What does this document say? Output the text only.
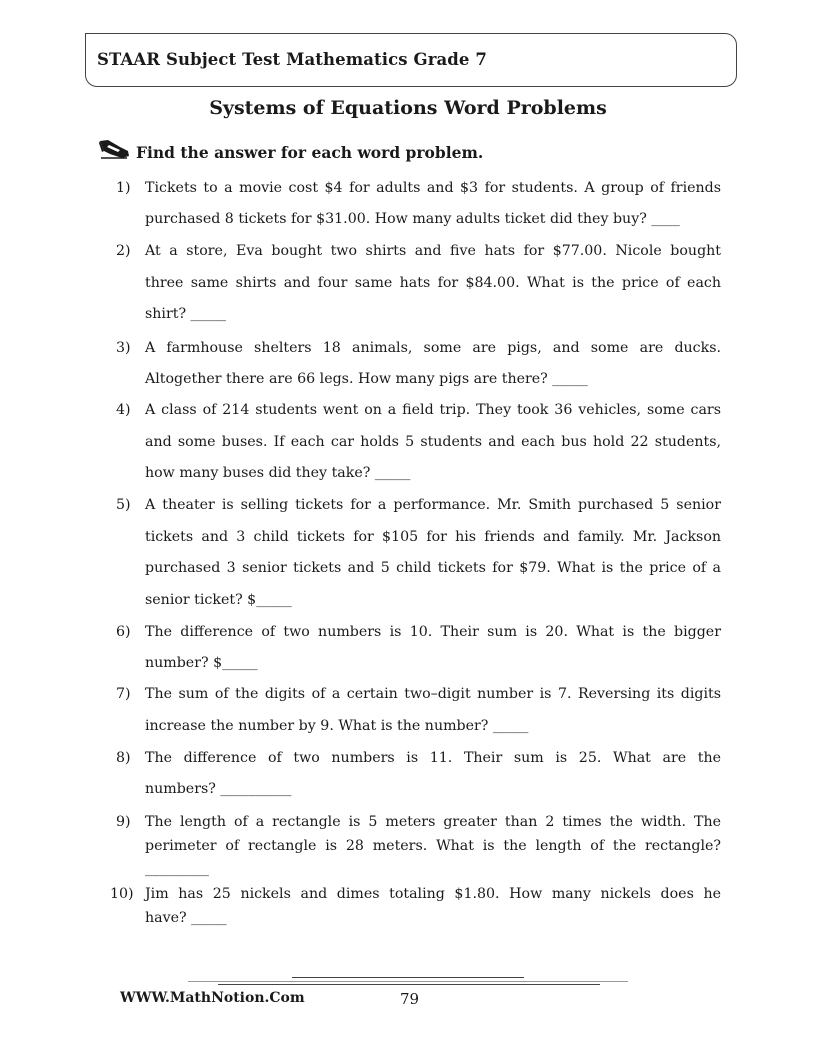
STAAR Subject Test Mathematics Grade 7
Systems of Equations Word Problems
Find the answer for each word problem.
1) Tickets to a movie cost $4 for adults and $3 for students. A group of friends
purchased 8 tickets for $31.00. How many adults ticket did they buy? ____
2) At a store, Eva bought two shirts and five hats for $77.00. Nicole bought
three same shirts and four same hats for $84.00. What is the price of each
shirt? _____
3) A farmhouse shelters 18 animals, some are pigs, and some are ducks.
Altogether there are 66 legs. How many pigs are there? _____
4) A class of 214 students went on a field trip. They took 36 vehicles, some cars
and some buses. If each car holds 5 students and each bus hold 22 students,
how many buses did they take? _____
5) A theater is selling tickets for a performance. Mr. Smith purchased 5 senior
tickets and 3 child tickets for $105 for his friends and family. Mr. Jackson
purchased 3 senior tickets and 5 child tickets for $79. What is the price of a
senior ticket? $_____
6) The difference of two numbers is 10. Their sum is 20. What is the bigger
number? $_____
7) The sum of the digits of a certain two–digit number is 7. Reversing its digits
increase the number by 9. What is the number? _____
8) The difference of two numbers is 11. Their sum is 25. What are the
numbers? __________
9) The length of a rectangle is 5 meters greater than 2 times the width. The
perimeter of rectangle is 28 meters. What is the length of the rectangle?
_________
10) Jim has 25 nickels and dimes totaling $1.80. How many nickels does he
have? _____
WWW.MathNotion.Com	79
